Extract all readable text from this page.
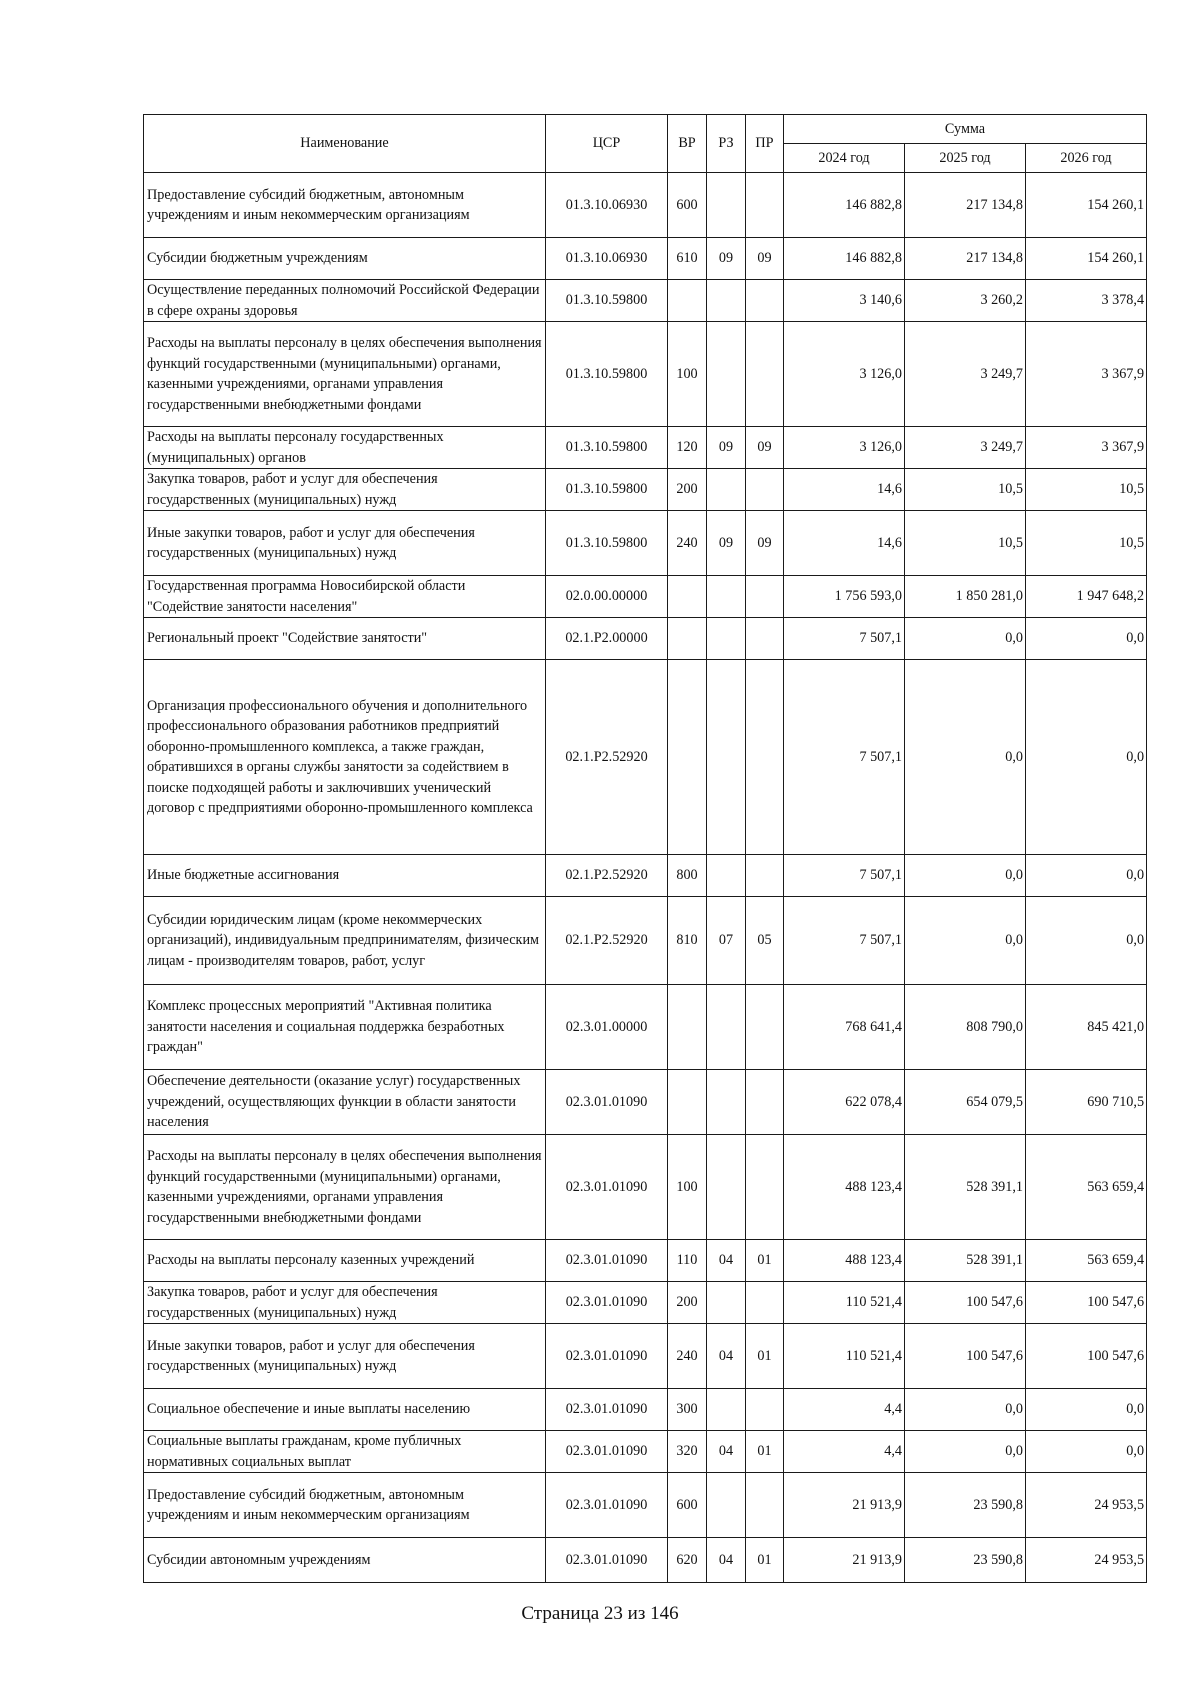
Наименование	ЦСР	ВР	РЗ	ПР	Сумма		
					2024 год	2025 год	2026 год
Предоставление субсидий бюджетным, автономным учреждениям и иным некоммерческим организациям	01.3.10.06930	600			146 882,8	217 134,8	154 260,1
Субсидии бюджетным учреждениям	01.3.10.06930	610	09	09	146 882,8	217 134,8	154 260,1
Осуществление переданных полномочий Российской Федерации в сфере охраны здоровья	01.3.10.59800				3 140,6	3 260,2	3 378,4
Расходы на выплаты персоналу в целях обеспечения выполнения функций государственными (муниципальными) органами, казенными учреждениями, органами управления государственными внебюджетными фондами	01.3.10.59800	100			3 126,0	3 249,7	3 367,9
Расходы на выплаты персоналу государственных (муниципальных) органов	01.3.10.59800	120	09	09	3 126,0	3 249,7	3 367,9
Закупка товаров, работ и услуг для обеспечения государственных (муниципальных) нужд	01.3.10.59800	200			14,6	10,5	10,5
Иные закупки товаров, работ и услуг для обеспечения государственных (муниципальных) нужд	01.3.10.59800	240	09	09	14,6	10,5	10,5
Государственная программа Новосибирской области "Содействие занятости населения"	02.0.00.00000				1 756 593,0	1 850 281,0	1 947 648,2
Региональный проект "Содействие занятости"	02.1.Р2.00000				7 507,1	0,0	0,0
Организация профессионального обучения и дополнительного профессионального образования работников предприятий оборонно-промышленного комплекса, а также граждан, обратившихся в органы службы занятости за содействием в поиске подходящей работы и заключивших ученический договор с предприятиями оборонно-промышленного комплекса	02.1.Р2.52920				7 507,1	0,0	0,0
Иные бюджетные ассигнования	02.1.Р2.52920	800			7 507,1	0,0	0,0
Субсидии юридическим лицам (кроме некоммерческих организаций), индивидуальным предпринимателям, физическим лицам - производителям товаров, работ, услуг	02.1.Р2.52920	810	07	05	7 507,1	0,0	0,0
Комплекс процессных мероприятий "Активная политика занятости населения и социальная поддержка безработных граждан"	02.3.01.00000				768 641,4	808 790,0	845 421,0
Обеспечение деятельности (оказание услуг) государственных учреждений, осуществляющих функции в области занятости населения	02.3.01.01090				622 078,4	654 079,5	690 710,5
Расходы на выплаты персоналу в целях обеспечения выполнения функций государственными (муниципальными) органами, казенными учреждениями, органами управления государственными внебюджетными фондами	02.3.01.01090	100			488 123,4	528 391,1	563 659,4
Расходы на выплаты персоналу казенных учреждений	02.3.01.01090	110	04	01	488 123,4	528 391,1	563 659,4
Закупка товаров, работ и услуг для обеспечения государственных (муниципальных) нужд	02.3.01.01090	200			110 521,4	100 547,6	100 547,6
Иные закупки товаров, работ и услуг для обеспечения государственных (муниципальных) нужд	02.3.01.01090	240	04	01	110 521,4	100 547,6	100 547,6
Социальное обеспечение и иные выплаты населению	02.3.01.01090	300			4,4	0,0	0,0
Социальные выплаты гражданам, кроме публичных нормативных социальных выплат	02.3.01.01090	320	04	01	4,4	0,0	0,0
Предоставление субсидий бюджетным, автономным учреждениям и иным некоммерческим организациям	02.3.01.01090	600			21 913,9	23 590,8	24 953,5
Субсидии автономным учреждениям	02.3.01.01090	620	04	01	21 913,9	23 590,8	24 953,5
Страница 23 из 146
